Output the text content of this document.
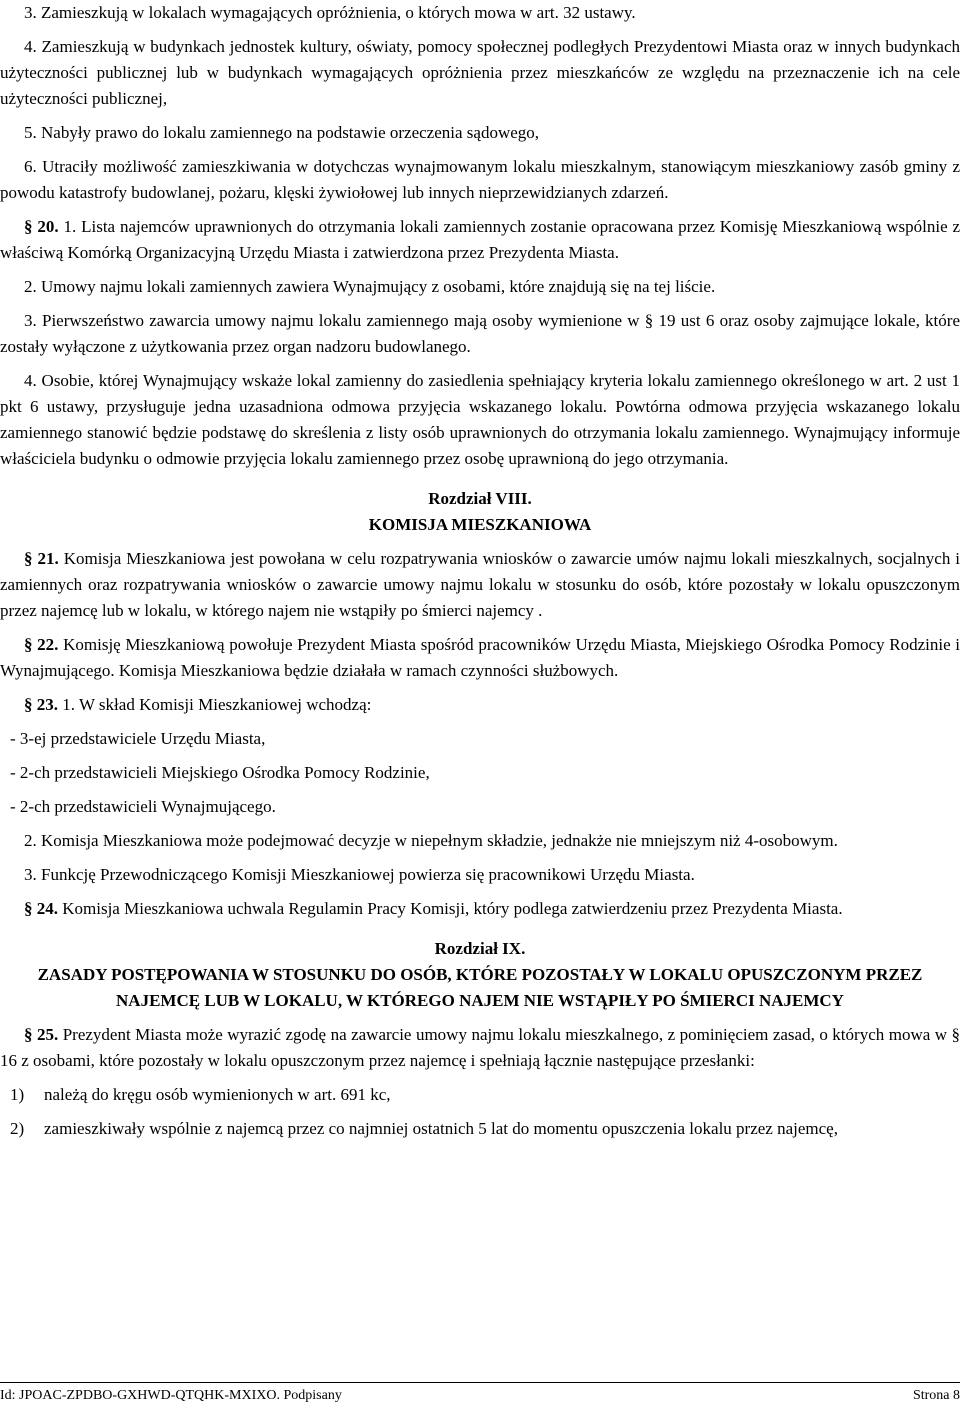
3. Zamieszkują w lokalach wymagających opróżnienia, o których mowa w art. 32 ustawy.

4. Zamieszkują w budynkach jednostek kultury, oświaty, pomocy społecznej podległych Prezydentowi Miasta oraz w innych budynkach użyteczności publicznej lub w budynkach wymagających opróżnienia przez mieszkańców ze względu na przeznaczenie ich na cele użyteczności publicznej,

5. Nabyły prawo do lokalu zamiennego na podstawie orzeczenia sądowego,

6. Utraciły możliwość zamieszkiwania w dotychczas wynajmowanym lokalu mieszkalnym, stanowiącym mieszkaniowy zasób gminy z powodu katastrofy budowlanej, pożaru, klęski żywiołowej lub innych nieprzewidzianych zdarzeń.

§ 20. 1. Lista najemców uprawnionych do otrzymania lokali zamiennych zostanie opracowana przez Komisję Mieszkaniową wspólnie z właściwą Komórką Organizacyjną Urzędu Miasta i zatwierdzona przez Prezydenta Miasta.

2. Umowy najmu lokali zamiennych zawiera Wynajmujący z osobami, które znajdują się na tej liście.

3. Pierwszeństwo zawarcia umowy najmu lokalu zamiennego mają osoby wymienione w § 19 ust 6 oraz osoby zajmujące lokale, które zostały wyłączone z użytkowania przez organ nadzoru budowlanego.

4. Osobie, której Wynajmujący wskaże lokal zamienny do zasiedlenia spełniający kryteria lokalu zamiennego określonego w art. 2 ust 1 pkt 6 ustawy, przysługuje jedna uzasadniona odmowa przyjęcia wskazanego lokalu. Powtórna odmowa przyjęcia wskazanego lokalu zamiennego stanowić będzie podstawę do skreślenia z listy osób uprawnionych do otrzymania lokalu zamiennego. Wynajmujący informuje właściciela budynku o odmowie przyjęcia lokalu zamiennego przez osobę uprawnioną do jego otrzymania.

Rozdział VIII.
KOMISJA MIESZKANIOWA

§ 21. Komisja Mieszkaniowa jest powołana w celu rozpatrywania wniosków o zawarcie umów najmu lokali mieszkalnych, socjalnych i zamiennych oraz rozpatrywania wniosków o zawarcie umowy najmu lokalu w stosunku do osób, które pozostały w lokalu opuszczonym przez najemcę lub w lokalu, w którego najem nie wstąpiły po śmierci najemcy .

§ 22. Komisję Mieszkaniową powołuje Prezydent Miasta spośród pracowników Urzędu Miasta, Miejskiego Ośrodka Pomocy Rodzinie i Wynajmującego. Komisja Mieszkaniowa będzie działała w ramach czynności służbowych.

§ 23. 1. W skład Komisji Mieszkaniowej wchodzą:

- 3-ej przedstawiciele Urzędu Miasta,
- 2-ch przedstawicieli Miejskiego Ośrodka Pomocy Rodzinie,
- 2-ch przedstawicieli Wynajmującego.

2. Komisja Mieszkaniowa może podejmować decyzje w niepełnym składzie, jednakże nie mniejszym niż 4-osobowym.

3. Funkcję Przewodniczącego Komisji Mieszkaniowej powierza się pracownikowi Urzędu Miasta.

§ 24. Komisja Mieszkaniowa uchwala Regulamin Pracy Komisji, który podlega zatwierdzeniu przez Prezydenta Miasta.

Rozdział IX.
ZASADY POSTĘPOWANIA W STOSUNKU DO OSÓB, KTÓRE POZOSTAŁY W LOKALU OPUSZCZONYM PRZEZ NAJEMCĘ LUB W LOKALU, W KTÓREGO NAJEM NIE WSTĄPIŁY PO ŚMIERCI NAJEMCY

§ 25. Prezydent Miasta może wyrazić zgodę na zawarcie umowy najmu lokalu mieszkalnego, z pominięciem zasad, o których mowa w § 16 z osobami, które pozostały w lokalu opuszczonym przez najemcę i spełniają łącznie następujące przesłanki:

1)	należą do kręgu osób wymienionych w art. 691 kc,
2)	zamieszkiwały wspólnie z najemcą przez co najmniej ostatnich 5 lat do momentu opuszczenia lokalu przez najemcę,
Id: JPOAC-ZPDBO-GXHWD-QTQHK-MXIXO. Podpisany	Strona 8
